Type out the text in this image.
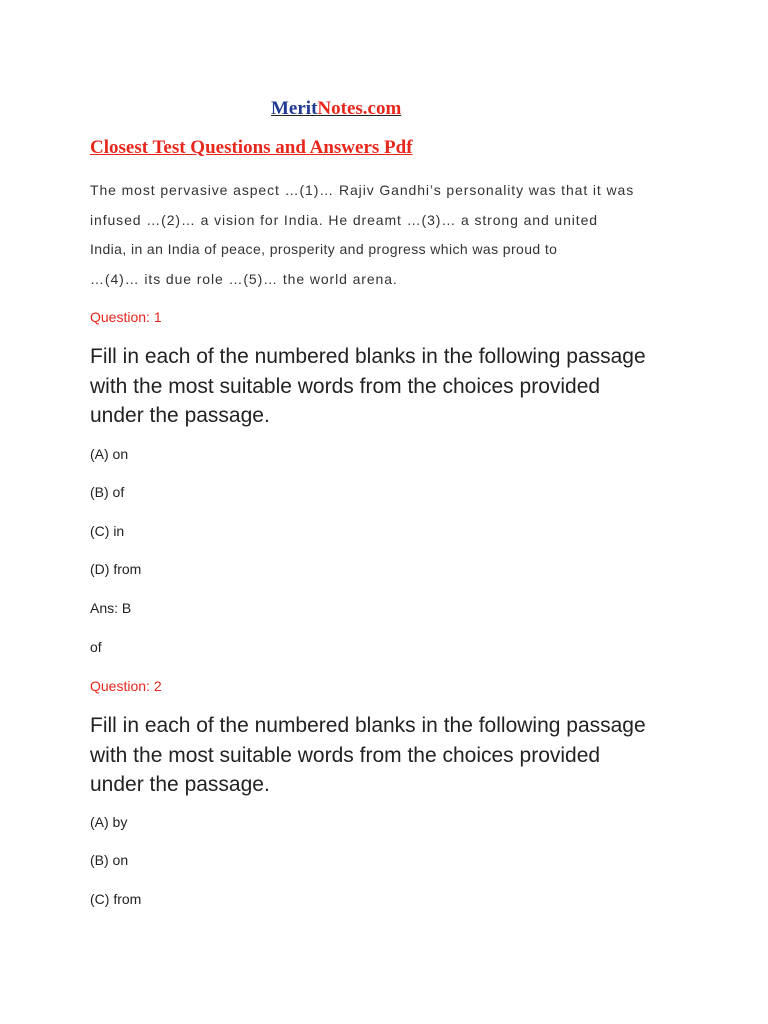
MeritNotes.com
Closest Test Questions and Answers Pdf
The most pervasive aspect …(1)… Rajiv Gandhi’s personality was that it was
infused …(2)… a vision for India. He dreamt …(3)… a strong and united
India, in an India of peace, prosperity and progress which was proud to
…(4)… its due role …(5)… the world arena.
Question: 1
Fill in each of the numbered blanks in the following passage
with the most suitable words from the choices provided
under the passage.
(A) on
(B) of
(C) in
(D) from
Ans: B
of
Question: 2
Fill in each of the numbered blanks in the following passage
with the most suitable words from the choices provided
under the passage.
(A) by
(B) on
(C) from
